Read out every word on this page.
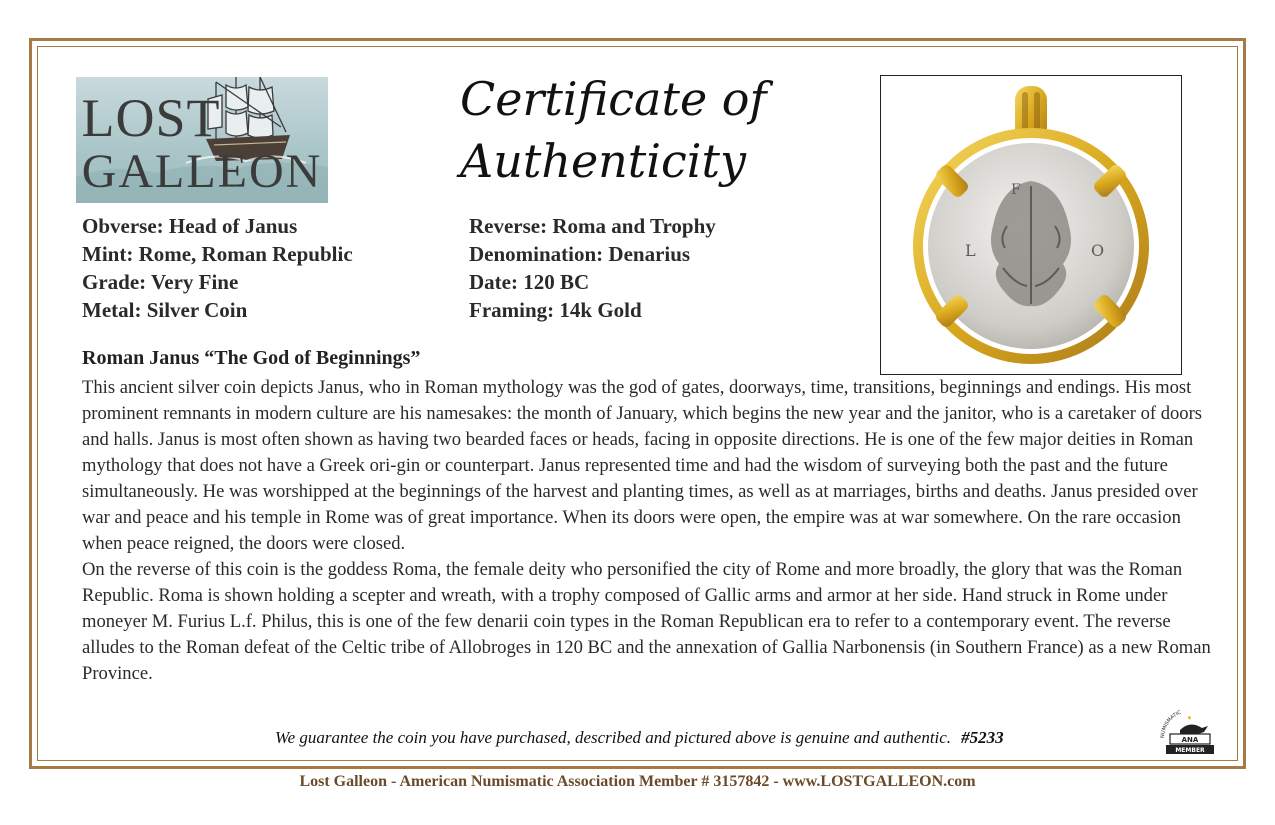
LOST
GALLEON
Certificate of
Authenticity
L	O
F
Obverse: Head of Janus
Mint: Rome, Roman Republic
Grade: Very Fine
Metal: Silver Coin
Reverse: Roma and Trophy
Denomination: Denarius
Date: 120 BC
Framing: 14k Gold
Roman Janus “The God of Beginnings”

This ancient silver coin depicts Janus, who in Roman mythology was the god of gates, doorways, time, transitions, beginnings and endings. His most prominent remnants in modern culture are his namesakes: the month of January, which begins the new year and the janitor, who is a caretaker of doors and halls. Janus is most often shown as having two bearded faces or heads, facing in opposite directions. He is one of the few major deities in Roman mythology that does not have a Greek ori-gin or counterpart. Janus represented time and had the wisdom of surveying both the past and the future simultaneously. He was worshipped at the beginnings of the harvest and planting times, as well as at marriages, births and deaths. Janus presided over war and peace and his temple in Rome was of great importance. When its doors were open, the empire was at war somewhere. On the rare occasion when peace reigned, the doors were closed.

On the reverse of this coin is the goddess Roma, the female deity who personified the city of Rome and more broadly, the glory that was the Roman Republic. Roma is shown holding a scepter and wreath, with a trophy composed of Gallic arms and armor at her side. Hand struck in Rome under moneyer M. Furius L.f. Philus, this is one of the few denarii coin types in the Roman Republican era to refer to a contemporary event. The reverse alludes to the Roman defeat of the Celtic tribe of Allobroges in 120 BC and the annexation of Gallia Narbonensis (in Southern France) as a new Roman Province.

We guarantee the coin you have purchased, described and pictured above is genuine and authentic. #5233	NUMISMATIC
ANA
MEMBER
Lost Galleon - American Numismatic Association Member # 3157842 - www.LOSTGALLEON.com
